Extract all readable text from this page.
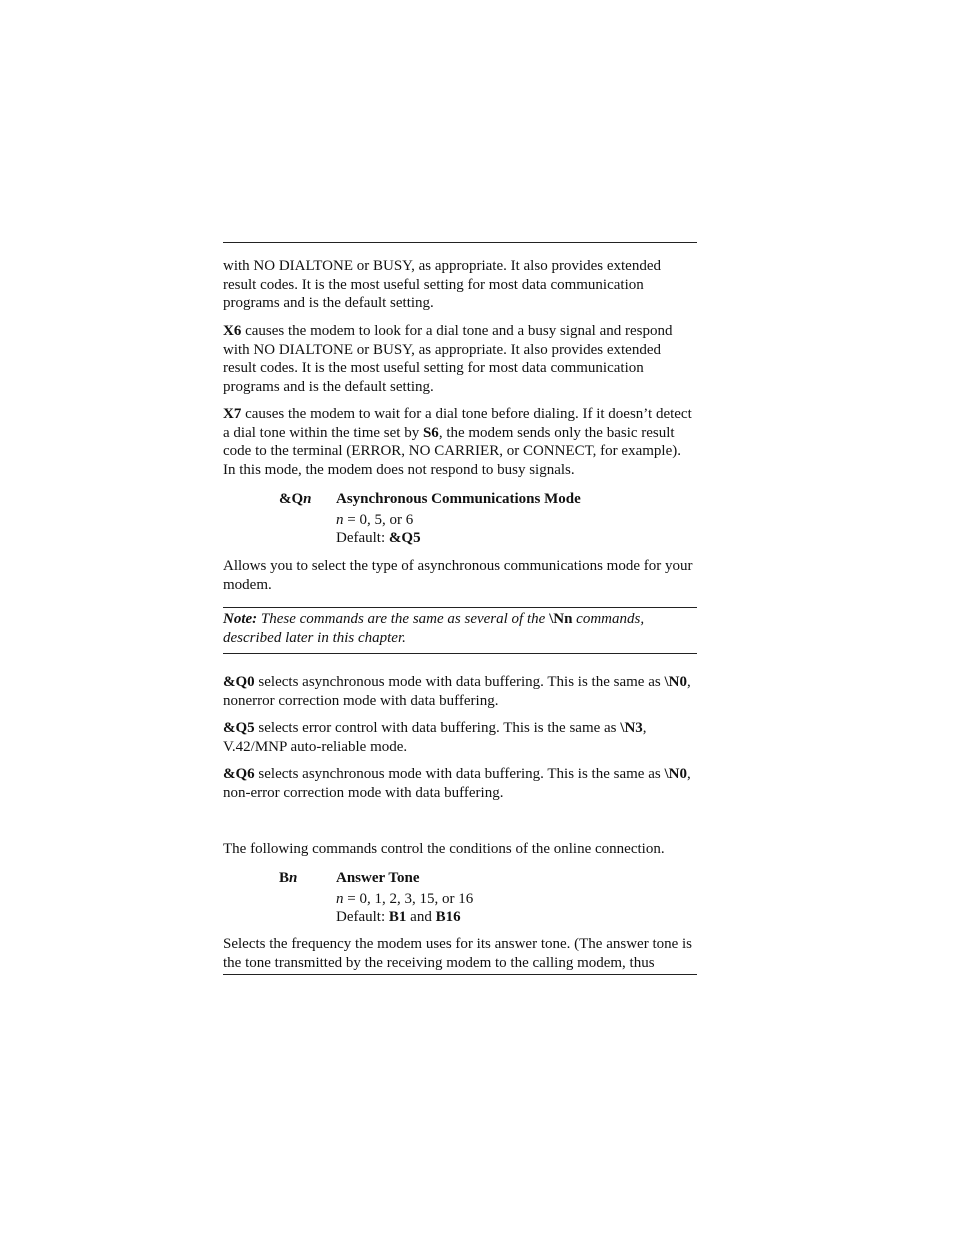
with NO DIALTONE or BUSY, as appropriate. It also provides extended result codes. It is the most useful setting for most data communication programs and is the default setting.

X6 causes the modem to look for a dial tone and a busy signal and respond with NO DIALTONE or BUSY, as appropriate. It also provides extended result codes. It is the most useful setting for most data communication programs and is the default setting.

X7 causes the modem to wait for a dial tone before dialing. If it doesn’t detect a dial tone within the time set by S6, the modem sends only the basic result code to the terminal (ERROR, NO CARRIER, or CONNECT, for example). In this mode, the modem does not respond to busy signals.

&Qn	Asynchronous Communications Mode
n = 0, 5, or 6
Default: &Q5

Allows you to select the type of asynchronous communications mode for your modem.

Note: These commands are the same as several of the \Nn commands, described later in this chapter.

&Q0 selects asynchronous mode with data buffering. This is the same as \N0, nonerror correction mode with data buffering.

&Q5 selects error control with data buffering. This is the same as \N3, V.42/MNP auto-reliable mode.

&Q6 selects asynchronous mode with data buffering. This is the same as \N0, non-error correction mode with data buffering.

The following commands control the conditions of the online connection.

Bn	Answer Tone
n = 0, 1, 2, 3, 15, or 16
Default: B1 and B16

Selects the frequency the modem uses for its answer tone. (The answer tone is the tone transmitted by the receiving modem to the calling modem, thus
